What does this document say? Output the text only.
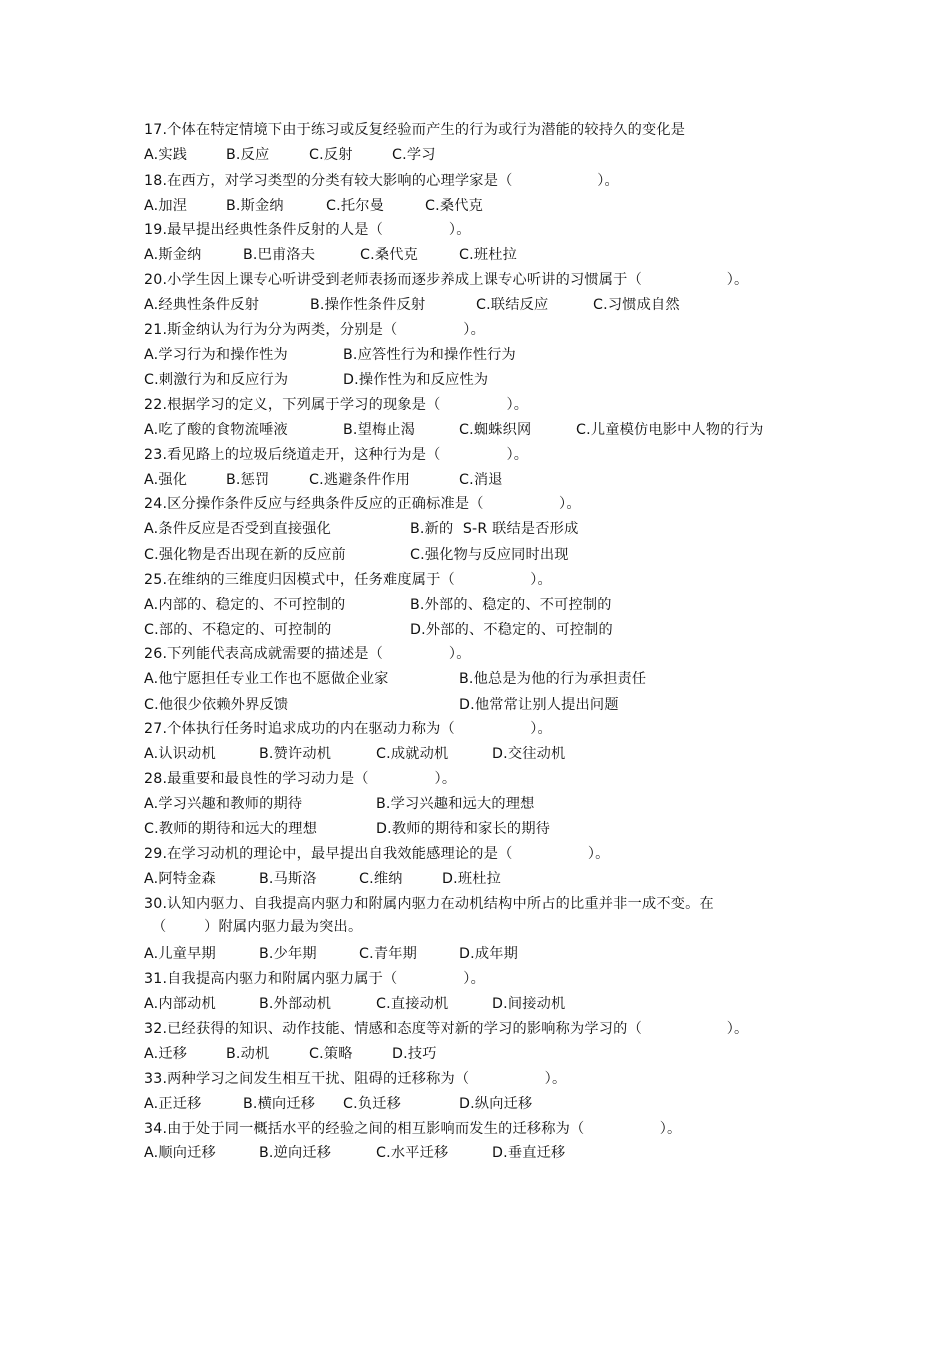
17.个体在特定情境下由于练习或反复经验而产生的行为或行为潜能的较持久的变化是
A.实践	B.反应	C.反射	C.学习
18.在西方，对学习类型的分类有较大影响的心理学家是（                  ）。
A.加涅	B.斯金纳	C.托尔曼	C.桑代克
19.最早提出经典性条件反射的人是（              ）。
A.斯金纳	B.巴甫洛夫	C.桑代克	C.班杜拉
20.小学生因上课专心听讲受到老师表扬而逐步养成上课专心听讲的习惯属于（                  ）。
A.经典性条件反射	B.操作性条件反射	C.联结反应	C.习惯成自然
21.斯金纳认为行为分为两类，分别是（              ）。
A.学习行为和操作性为	B.应答性行为和操作性行为
C.刺激行为和反应行为	D.操作性为和反应性为
22.根据学习的定义，下列属于学习的现象是（              ）。
A.吃了酸的食物流唾液	B.望梅止渴	C.蜘蛛织网	C.儿童模仿电影中人物的行为
23.看见路上的垃圾后绕道走开，这种行为是（              ）。
A.强化	B.惩罚	C.逃避条件作用	C.消退
24.区分操作条件反应与经典条件反应的正确标准是（                ）。
A.条件反应是否受到直接强化	B.新的  S-R 联结是否形成
C.强化物是否出现在新的反应前	C.强化物与反应同时出现
25.在维纳的三维度归因模式中，任务难度属于（                ）。
A.内部的、稳定的、不可控制的	B.外部的、稳定的、不可控制的
C.部的、不稳定的、可控制的	D.外部的、不稳定的、可控制的
26.下列能代表高成就需要的描述是（              ）。
A.他宁愿担任专业工作也不愿做企业家	B.他总是为他的行为承担责任
C.他很少依赖外界反馈	D.他常常让别人提出问题
27.个体执行任务时追求成功的内在驱动力称为（                ）。
A.认识动机	B.赞许动机	C.成就动机	D.交往动机
28.最重要和最良性的学习动力是（              ）。
A.学习兴趣和教师的期待	B.学习兴趣和远大的理想
C.教师的期待和远大的理想	D.教师的期待和家长的期待
29.在学习动机的理论中，最早提出自我效能感理论的是（                ）。
A.阿特金森	B.马斯洛	C.维纳	D.班杜拉
30.认知内驱力、自我提高内驱力和附属内驱力在动机结构中所占的比重并非一成不变。在
（        ）附属内驱力最为突出。
A.儿童早期	B.少年期	C.青年期	D.成年期
31.自我提高内驱力和附属内驱力属于（              ）。
A.内部动机	B.外部动机	C.直接动机	D.间接动机
32.已经获得的知识、动作技能、情感和态度等对新的学习的影响称为学习的（                  ）。
A.迁移	B.动机	C.策略	D.技巧
33.两种学习之间发生相互干扰、阻碍的迁移称为（                ）。
A.正迁移	B.横向迁移 C.负迁移	D.纵向迁移
34.由于处于同一概括水平的经验之间的相互影响而发生的迁移称为（                ）。
A.顺向迁移	B.逆向迁移	C.水平迁移	D.垂直迁移
